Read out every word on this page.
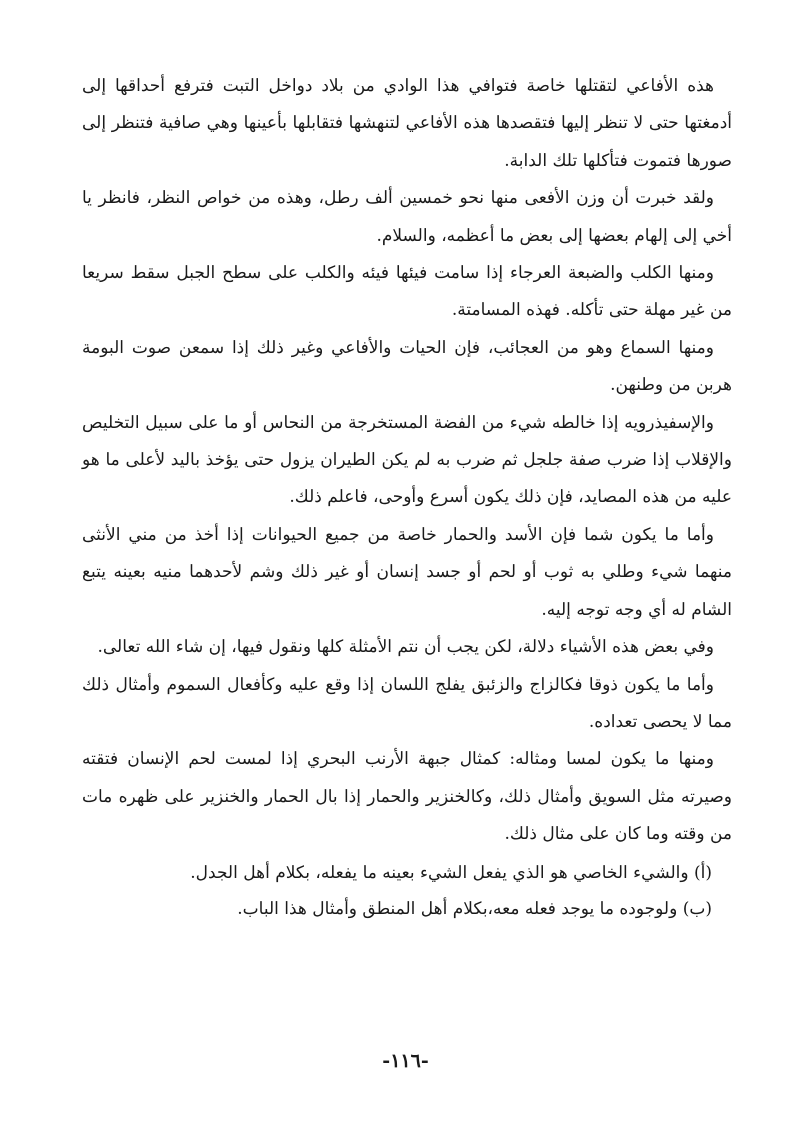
هذه الأفاعي لتقتلها خاصة فتوافي هذا الوادي من بلاد دواخل التبت فترفع أحداقها إلى أدمغتها حتى لا تنظر إليها فتقصدها هذه الأفاعي لتنهشها فتقابلها بأعينها وهي صافية فتنظر إلى صورها فتموت فتأكلها تلك الدابة.

ولقد خبرت أن وزن الأفعى منها نحو خمسين ألف رطل، وهذه من خواص النظر، فانظر يا أخي إلى إلهام بعضها إلى بعض ما أعظمه، والسلام.

ومنها الكلب والضبعة العرجاء إذا سامت فيئها فيئه والكلب على سطح الجبل سقط سريعا من غير مهلة حتى تأكله. فهذه المسامتة.

ومنها السماع وهو من العجائب، فإن الحيات والأفاعي وغير ذلك إذا سمعن صوت البومة هربن من وطنهن.

والإسفيذرويه إذا خالطه شيء من الفضة المستخرجة من النحاس أو ما على سبيل التخليص والإقلاب إذا ضرب صفة جلجل ثم ضرب به لم يكن الطيران يزول حتى يؤخذ باليد لأعلى ما هو عليه من هذه المصايد، فإن ذلك يكون أسرع وأوحى، فاعلم ذلك.

وأما ما يكون شما فإن الأسد والحمار خاصة من جميع الحيوانات إذا أخذ من مني الأنثى منهما شيء وطلي به ثوب أو لحم أو جسد إنسان أو غير ذلك وشم لأحدهما منيه بعينه يتبع الشام له أي وجه توجه إليه.

وفي بعض هذه الأشياء دلالة، لكن يجب أن نتم الأمثلة كلها ونقول فيها، إن شاء الله تعالى.

وأما ما يكون ذوقا فكالزاج والزئبق يفلج اللسان إذا وقع عليه وكأفعال السموم وأمثال ذلك مما لا يحصى تعداده.

ومنها ما يكون لمسا ومثاله: كمثال جبهة الأرنب البحري إذا لمست لحم الإنسان فتقته وصيرته مثل السويق وأمثال ذلك، وكالخنزير والحمار إذا بال الحمار والخنزير على ظهره مات من وقته وما كان على مثال ذلك.

(أ) والشيء الخاصي هو الذي يفعل الشيء بعينه ما يفعله، بكلام أهل الجدل.

(ب) ولوجوده ما يوجد فعله معه،بكلام أهل المنطق وأمثال هذا الباب.

-١١٦-
